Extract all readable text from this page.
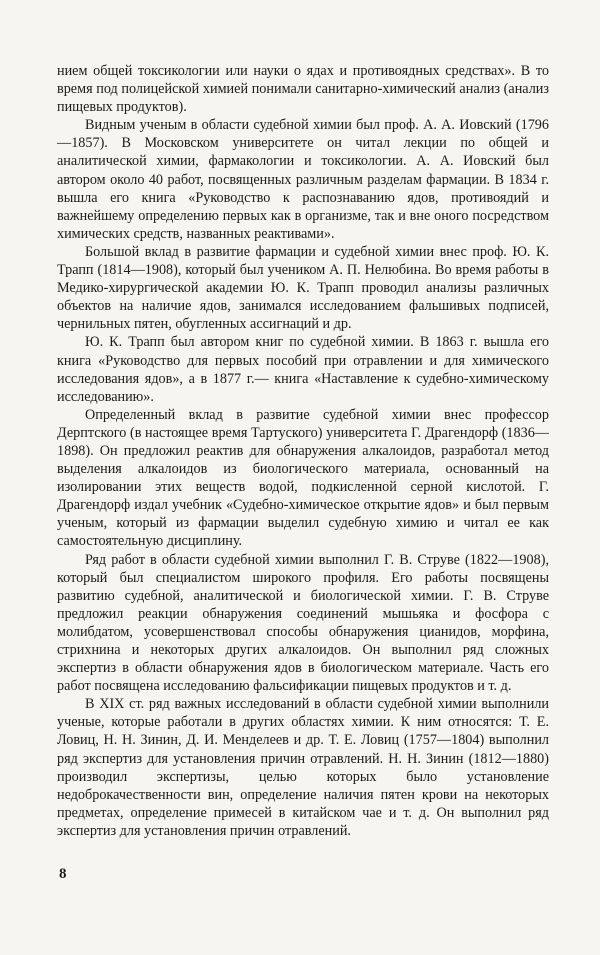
нием общей токсикологии или науки о ядах и противоядных средствах». В то время под полицейской химией понимали санитарно-химический анализ (анализ пищевых продуктов).

Видным ученым в области судебной химии был проф. А. А. Иовский (1796—1857). В Московском университете он читал лекции по общей и аналитической химии, фармакологии и токсикологии. А. А. Иовский был автором около 40 работ, посвященных различным разделам фармации. В 1834 г. вышла его книга «Руководство к распознаванию ядов, противоядий и важнейшему определению первых как в организме, так и вне оного посредством химических средств, названных реактивами».

Большой вклад в развитие фармации и судебной химии внес проф. Ю. К. Трапп (1814—1908), который был учеником А. П. Нелюбина. Во время работы в Медико-хирургической академии Ю. К. Трапп проводил анализы различных объектов на наличие ядов, занимался исследованием фальшивых подписей, чернильных пятен, обугленных ассигнаций и др.

Ю. К. Трапп был автором книг по судебной химии. В 1863 г. вышла его книга «Руководство для первых пособий при отравлении и для химического исследования ядов», а в 1877 г.— книга «Наставление к судебно-химическому исследованию».

Определенный вклад в развитие судебной химии внес профессор Дерптского (в настоящее время Тартуского) университета Г. Драгендорф (1836—1898). Он предложил реактив для обнаружения алкалоидов, разработал метод выделения алкалоидов из биологического материала, основанный на изолировании этих веществ водой, подкисленной серной кислотой. Г. Драгендорф издал учебник «Судебно-химическое открытие ядов» и был первым ученым, который из фармации выделил судебную химию и читал ее как самостоятельную дисциплину.

Ряд работ в области судебной химии выполнил Г. В. Струве (1822—1908), который был специалистом широкого профиля. Его работы посвящены развитию судебной, аналитической и биологической химии. Г. В. Струве предложил реакции обнаружения соединений мышьяка и фосфора с молибдатом, усовершенствовал способы обнаружения цианидов, морфина, стрихнина и некоторых других алкалоидов. Он выполнил ряд сложных экспертиз в области обнаружения ядов в биологическом материале. Часть его работ посвящена исследованию фальсификации пищевых продуктов и т. д.

В XIX ст. ряд важных исследований в области судебной химии выполнили ученые, которые работали в других областях химии. К ним относятся: Т. Е. Ловиц, Н. Н. Зинин, Д. И. Менделеев и др. Т. Е. Ловиц (1757—1804) выполнил ряд экспертиз для установления причин отравлений. Н. Н. Зинин (1812—1880) производил экспертизы, целью которых было установление недоброкачественности вин, определение наличия пятен крови на некоторых предметах, определение примесей в китайском чае и т. д. Он выполнил ряд экспертиз для установления причин отравлений.

8
